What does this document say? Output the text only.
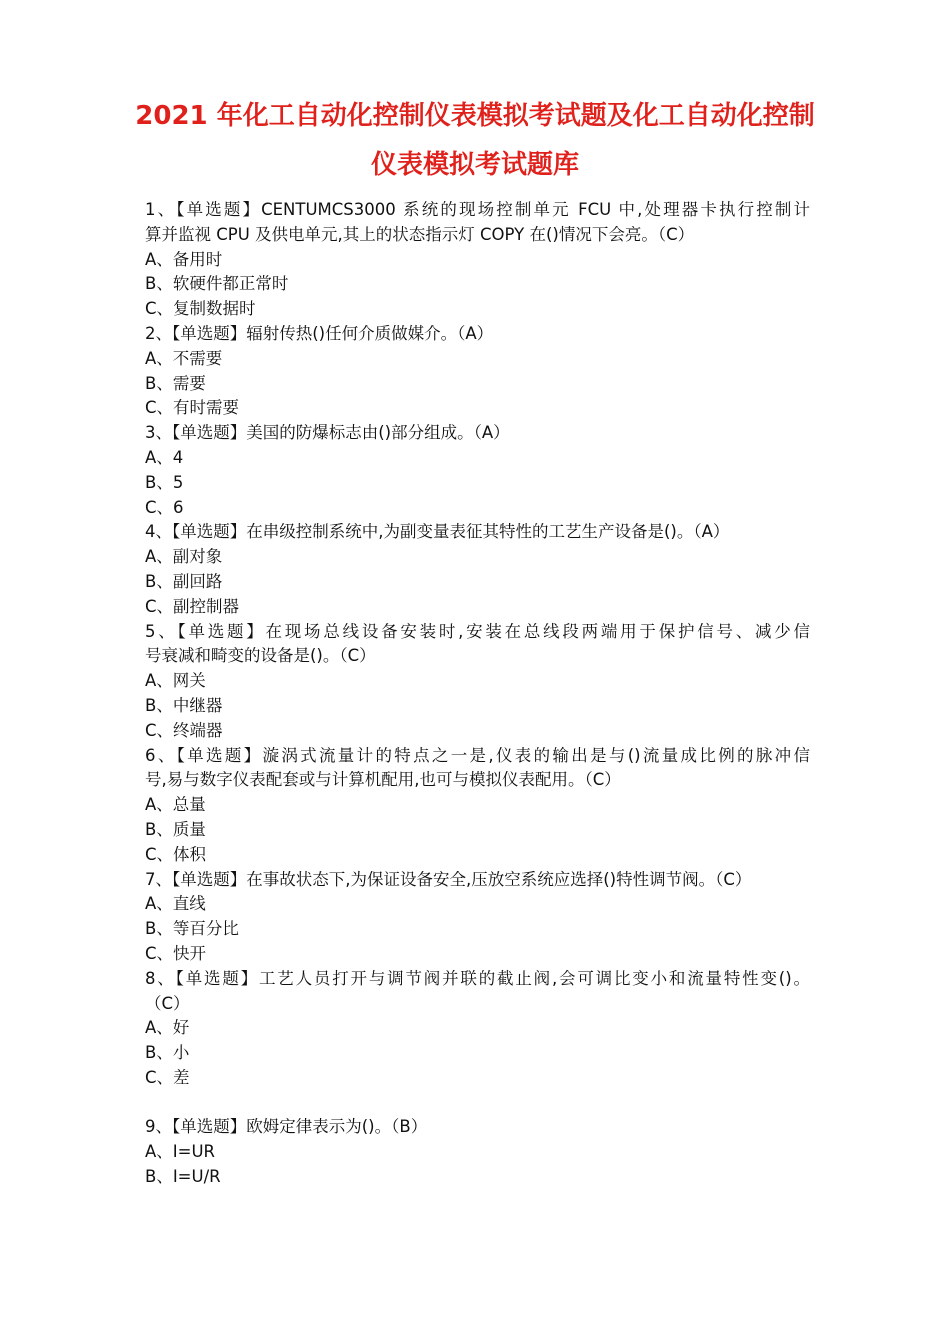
2021 年化工自动化控制仪表模拟考试题及化工自动化控制
仪表模拟考试题库
1、【单选题】CENTUMCS3000 系统的现场控制单元 FCU 中,处理器卡执行控制计
算并监视 CPU 及供电单元,其上的状态指示灯 COPY 在()情况下会亮。（C）
A、备用时
B、软硬件都正常时
C、复制数据时
2、【单选题】辐射传热()任何介质做媒介。（A）
A、不需要
B、需要
C、有时需要
3、【单选题】美国的防爆标志由()部分组成。（A）
A、4
B、5
C、6
4、【单选题】在串级控制系统中,为副变量表征其特性的工艺生产设备是()。（A）
A、副对象
B、副回路
C、副控制器
5、【单选题】在现场总线设备安装时,安装在总线段两端用于保护信号、减少信
号衰减和畸变的设备是()。（C）
A、网关
B、中继器
C、终端器
6、【单选题】漩涡式流量计的特点之一是,仪表的输出是与()流量成比例的脉冲信
号,易与数字仪表配套或与计算机配用,也可与模拟仪表配用。（C）
A、总量
B、质量
C、体积
7、【单选题】在事故状态下,为保证设备安全,压放空系统应选择()特性调节阀。（C）
A、直线
B、等百分比
C、快开
8、【单选题】工艺人员打开与调节阀并联的截止阀,会可调比变小和流量特性变()。
（C）
A、好
B、小
C、差
9、【单选题】欧姆定律表示为()。（B）
A、I=UR
B、I=U/R
